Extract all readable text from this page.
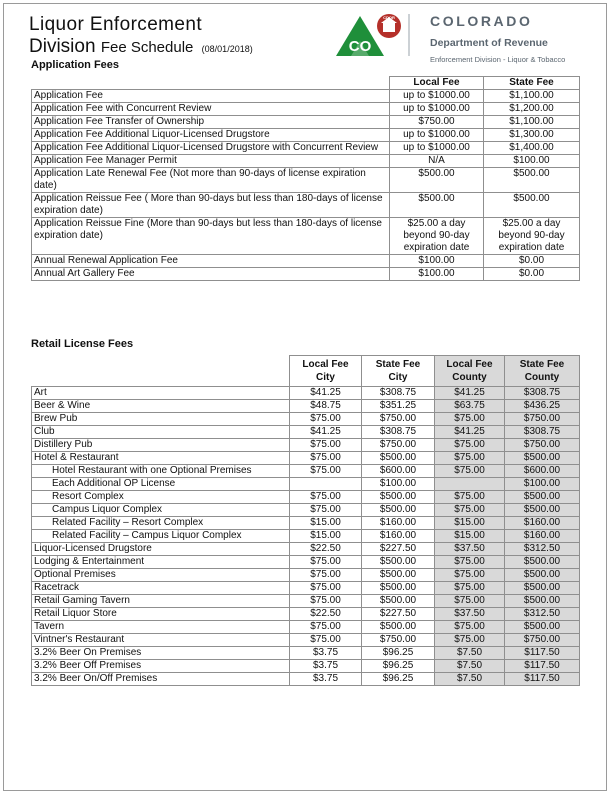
Liquor Enforcement
Division Fee Schedule (08/01/2018)	CO
CDOR	COLORADO
Department of Revenue
Enforcement Division - Liquor & Tobacco
Application Fees
	Local Fee	State Fee
Application Fee	up to $1000.00	$1,100.00
Application Fee with Concurrent Review	up to $1000.00	$1,200.00
Application Fee Transfer of Ownership	$750.00	$1,100.00
Application Fee Additional Liquor-Licensed Drugstore	up to $1000.00	$1,300.00
Application Fee Additional Liquor-Licensed Drugstore with Concurrent Review	up to $1000.00	$1,400.00
Application Fee Manager Permit	N/A	$100.00
Application Late Renewal Fee (Not more than 90-days of license expiration date)	$500.00	$500.00
Application Reissue Fee ( More than 90-days but less than 180-days of license expiration date)	$500.00	$500.00
Application Reissue Fine (More than 90-days but less than 180-days of license expiration date)	$25.00 a day beyond 90-day expiration date	$25.00 a day beyond 90-day expiration date
Annual Renewal Application Fee	$100.00	$0.00
Annual Art Gallery Fee	$100.00	$0.00
Retail License Fees
	Local Fee City	State Fee City	Local Fee County	State Fee County
Art	$41.25	$308.75	$41.25	$308.75
Beer & Wine	$48.75	$351.25	$63.75	$436.25
Brew Pub	$75.00	$750.00	$75.00	$750.00
Club	$41.25	$308.75	$41.25	$308.75
Distillery Pub	$75.00	$750.00	$75.00	$750.00
Hotel & Restaurant	$75.00	$500.00	$75.00	$500.00
Hotel Restaurant with one Optional Premises	$75.00	$600.00	$75.00	$600.00
Each Additional OP License		$100.00		$100.00
Resort Complex	$75.00	$500.00	$75.00	$500.00
Campus Liquor Complex	$75.00	$500.00	$75.00	$500.00
Related Facility – Resort Complex	$15.00	$160.00	$15.00	$160.00
Related Facility – Campus Liquor Complex	$15.00	$160.00	$15.00	$160.00
Liquor-Licensed Drugstore	$22.50	$227.50	$37.50	$312.50
Lodging & Entertainment	$75.00	$500.00	$75.00	$500.00
Optional Premises	$75.00	$500.00	$75.00	$500.00
Racetrack	$75.00	$500.00	$75.00	$500.00
Retail Gaming Tavern	$75.00	$500.00	$75.00	$500.00
Retail Liquor Store	$22.50	$227.50	$37.50	$312.50
Tavern	$75.00	$500.00	$75.00	$500.00
Vintner's Restaurant	$75.00	$750.00	$75.00	$750.00
3.2% Beer On Premises	$3.75	$96.25	$7.50	$117.50
3.2% Beer Off Premises	$3.75	$96.25	$7.50	$117.50
3.2% Beer On/Off Premises	$3.75	$96.25	$7.50	$117.50
